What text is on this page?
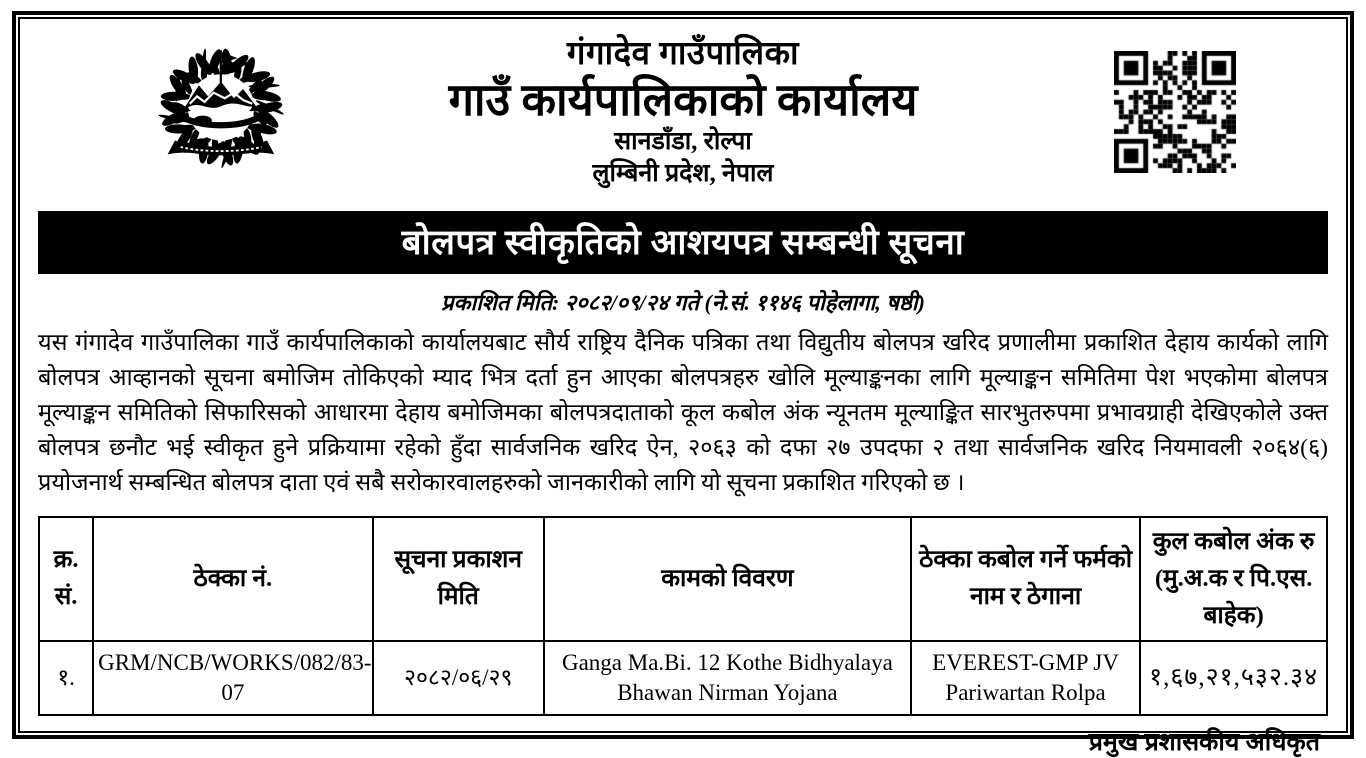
गंगादेव गाउँपालिका
गाउँ कार्यपालिकाको कार्यालय
सानडाँडा, रोल्पा
लुम्बिनी प्रदेश, नेपाल
बोलपत्र स्वीकृतिको आशयपत्र सम्बन्धी सूचना
प्रकाशित मिति: २०८२/०९/२४ गते (ने.सं. ११४६ पोहेलागा, षष्ठी)
यस गंगादेव गाउँपालिका गाउँ कार्यपालिकाको कार्यालयबाट सौर्य राष्ट्रिय दैनिक पत्रिका तथा विद्युतीय बोलपत्र खरिद प्रणालीमा प्रकाशित देहाय कार्यको लागि बोलपत्र आव्हानको सूचना बमोजिम तोकिएको म्याद भित्र दर्ता हुन आएका बोलपत्रहरु खोलि मूल्याङ्कनका लागि मूल्याङ्कन समितिमा पेश भएकोमा बोलपत्र मूल्याङ्कन समितिको सिफारिसको आधारमा देहाय बमोजिमका बोलपत्रदाताको कूल कबोल अंक न्यूनतम मूल्याङ्कित सारभुतरुपमा प्रभावग्राही देखिएकोले उक्त बोलपत्र छनौट भई स्वीकृत हुने प्रक्रियामा रहेको हुँदा सार्वजनिक खरिद ऐन, २०६३ को दफा २७ उपदफा २ तथा सार्वजनिक खरिद नियमावली २०६४(६) प्रयोजनार्थ सम्बन्धित बोलपत्र दाता एवं सबै सरोकारवालहरुको जानकारीको लागि यो सूचना प्रकाशित गरिएको छ ।
क्र. सं.	ठेक्का नं.	सूचना प्रकाशन मिति	कामको विवरण	ठेक्का कबोल गर्ने फर्मको नाम र ठेगाना	कुल कबोल अंक रु (मु.अ.क र पि.एस. बाहेक)
१.	GRM/NCB/WORKS/082/83-07	२०८२/०६/२९	Ganga Ma.Bi. 12 Kothe Bidhyalaya Bhawan Nirman Yojana	EVEREST-GMP JV Pariwartan Rolpa	१,६७,२१,५३२.३४
प्रमुख प्रशासकीय अधिकृत
